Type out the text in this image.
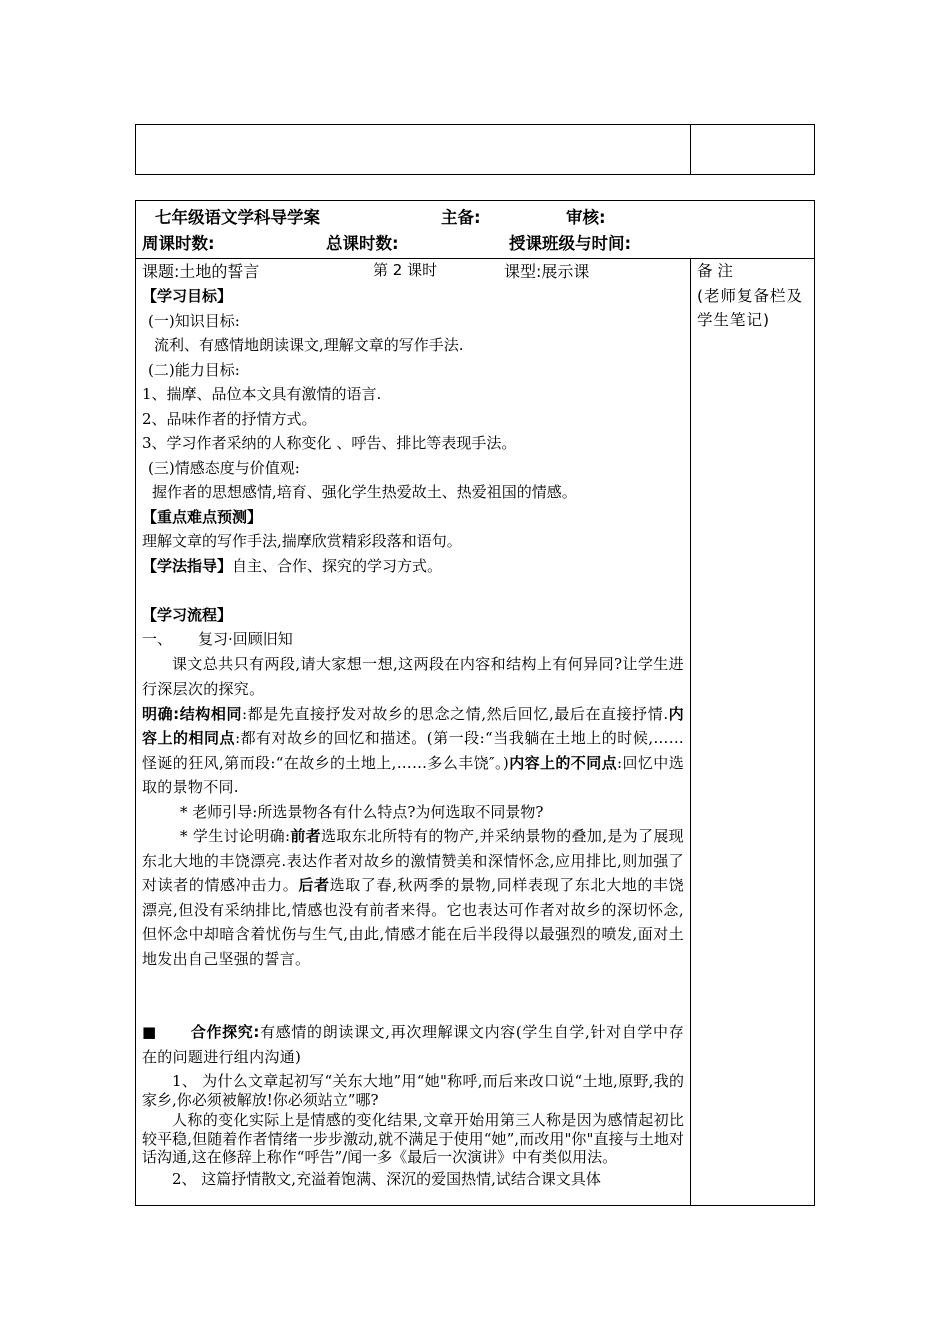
七年级语文学科导学案	主备:	审核:
周课时数:	总课时数:	授课班级与时间:
课题:土地的誓言	第 2 课时	课型:展示课	备 注
(老师复备栏及学生笔记)

【学习目标】

(一)知识目标:

流利、有感情地朗读课文,理解文章的写作手法.

(二)能力目标:

1、揣摩、品位本文具有激情的语言.

2、品味作者的抒情方式。

3、学习作者采纳的人称变化 、呼告、排比等表现手法。

(三)情感态度与价值观:

握作者的思想感情,培育、强化学生热爱故土、热爱祖国的情感。

【重点难点预测】

理解文章的写作手法,揣摩欣赏精彩段落和语句。

【学法指导】自主、合作、探究的学习方式。

【学习流程】

一、 复习·回顾旧知

课文总共只有两段,请大家想一想,这两段在内容和结构上有何异同?让学生进行深层次的探究。

明确:结构相同:都是先直接抒发对故乡的思念之情,然后回忆,最后在直接抒情.内容上的相同点:都有对故乡的回忆和描述。(第一段:“当我躺在土地上的时候,……怪诞的狂风,第而段:“在故乡的土地上,……多么丰饶″。)内容上的不同点:回忆中选取的景物不同.

* 老师引导:所选景物各有什么特点?为何选取不同景物?

* 学生讨论明确:前者选取东北所特有的物产,并采纳景物的叠加,是为了展现东北大地的丰饶漂亮.表达作者对故乡的激情赞美和深情怀念,应用排比,则加强了对读者的情感冲击力。后者选取了春,秋两季的景物,同样表现了东北大地的丰饶漂亮,但没有采纳排比,情感也没有前者来得。它也表达可作者对故乡的深切怀念,但怀念中却暗含着忧伤与生气,由此,情感才能在后半段得以最强烈的喷发,面对土地发出自己坚强的誓言。

■ 合作探究:有感情的朗读课文,再次理解课文内容(学生自学,针对自学中存在的问题进行组内沟通)

1、 为什么文章起初写“关东大地”用“她"称呼,而后来改口说“土地,原野,我的家乡,你必须被解放!你必须站立”哪?

人称的变化实际上是情感的变化结果,文章开始用第三人称是因为感情起初比较平稳,但随着作者情绪一步步激动,就不满足于使用“她”,而改用"你"直接与土地对话沟通,这在修辞上称作“呼告”/闻一多《最后一次演讲》中有类似用法。

2、 这篇抒情散文,充溢着饱满、深沉的爱国热情,试结合课文具体
